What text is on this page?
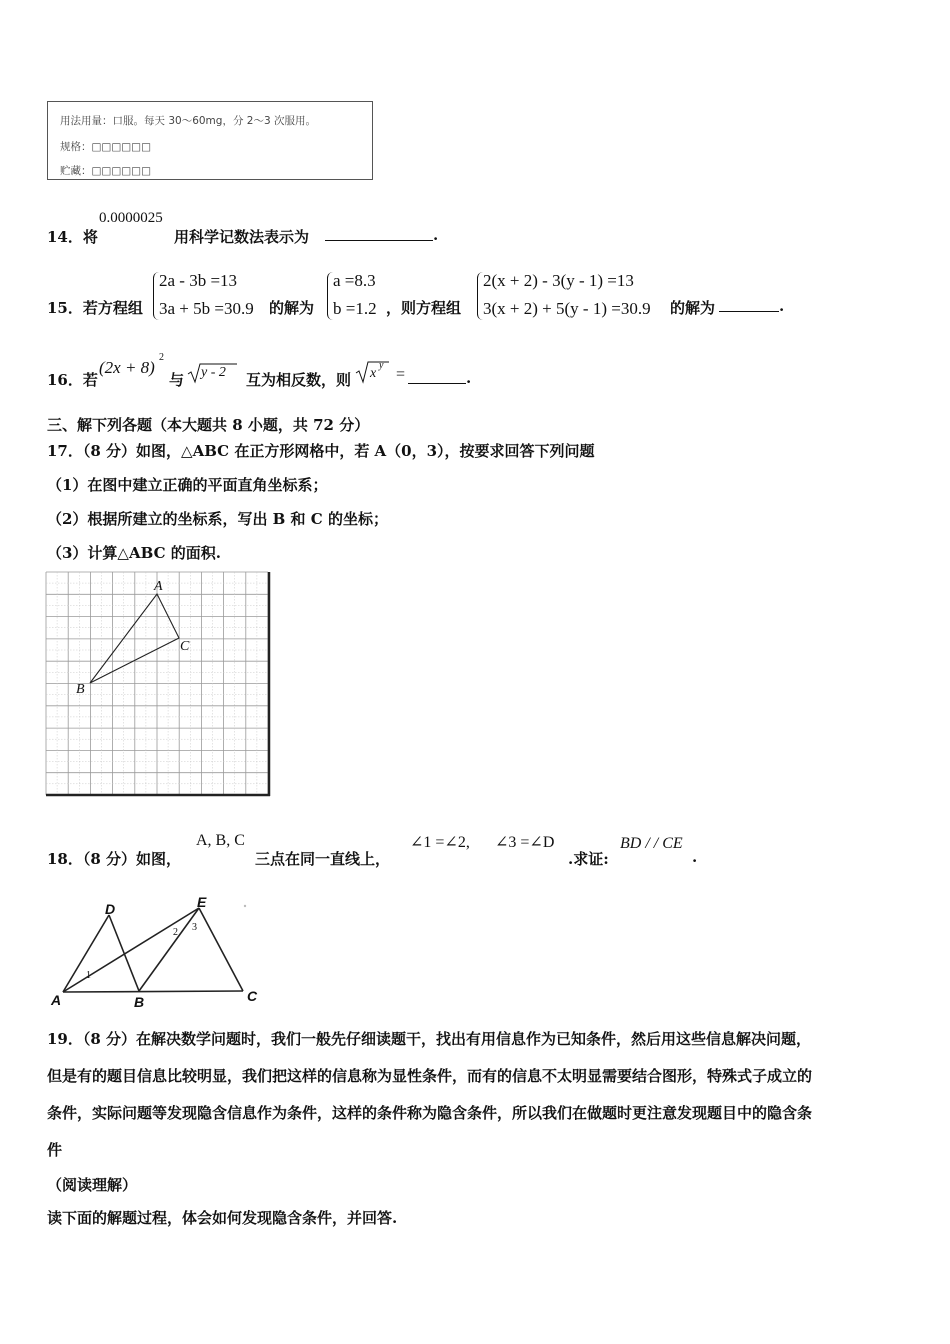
用法用量：口服。每天 30～60mg，分 2～3 次服用。
规格：□□□□□□
贮藏：□□□□□□
14．将
0.0000025
用科学记数法表示为	.
15．若方程组
2a - 3b =13
3a + 5b =30.9 的解为
a =8.3
b =1.2 ，则方程组
2(x + 2) - 3(y - 1) =13
3(x + 2) + 5(y - 1) =30.9 的解为	.
16．若
(2x + 8)
2
与 y - 2 互为相反数，则 x
y
=	.
三、解下列各题（本大题共 8 小题，共 72 分）
17．（8 分）如图，△ABC 在正方形网格中，若 A（0，3），按要求回答下列问题
（1）在图中建立正确的平面直角坐标系；
（2）根据所建立的坐标系，写出 B 和 C 的坐标；
（3）计算△ABC 的面积.
A
C
B
18．（8 分）如图，
A, B, C
三点在同一直线上，
∠1 =∠2, ∠3 =∠D
.求证:
BD / / CE
.
D	E
A	B	C
1
2 3
19．（8 分）在解决数学问题时，我们一般先仔细读题干，找出有用信息作为已知条件，然后用这些信息解决问题，
但是有的题目信息比较明显，我们把这样的信息称为显性条件，而有的信息不太明显需要结合图形，特殊式子成立的
条件，实际问题等发现隐含信息作为条件，这样的条件称为隐含条件，所以我们在做题时更注意发现题目中的隐含条
件
（阅读理解）
读下面的解题过程，体会如何发现隐含条件，并回答.
